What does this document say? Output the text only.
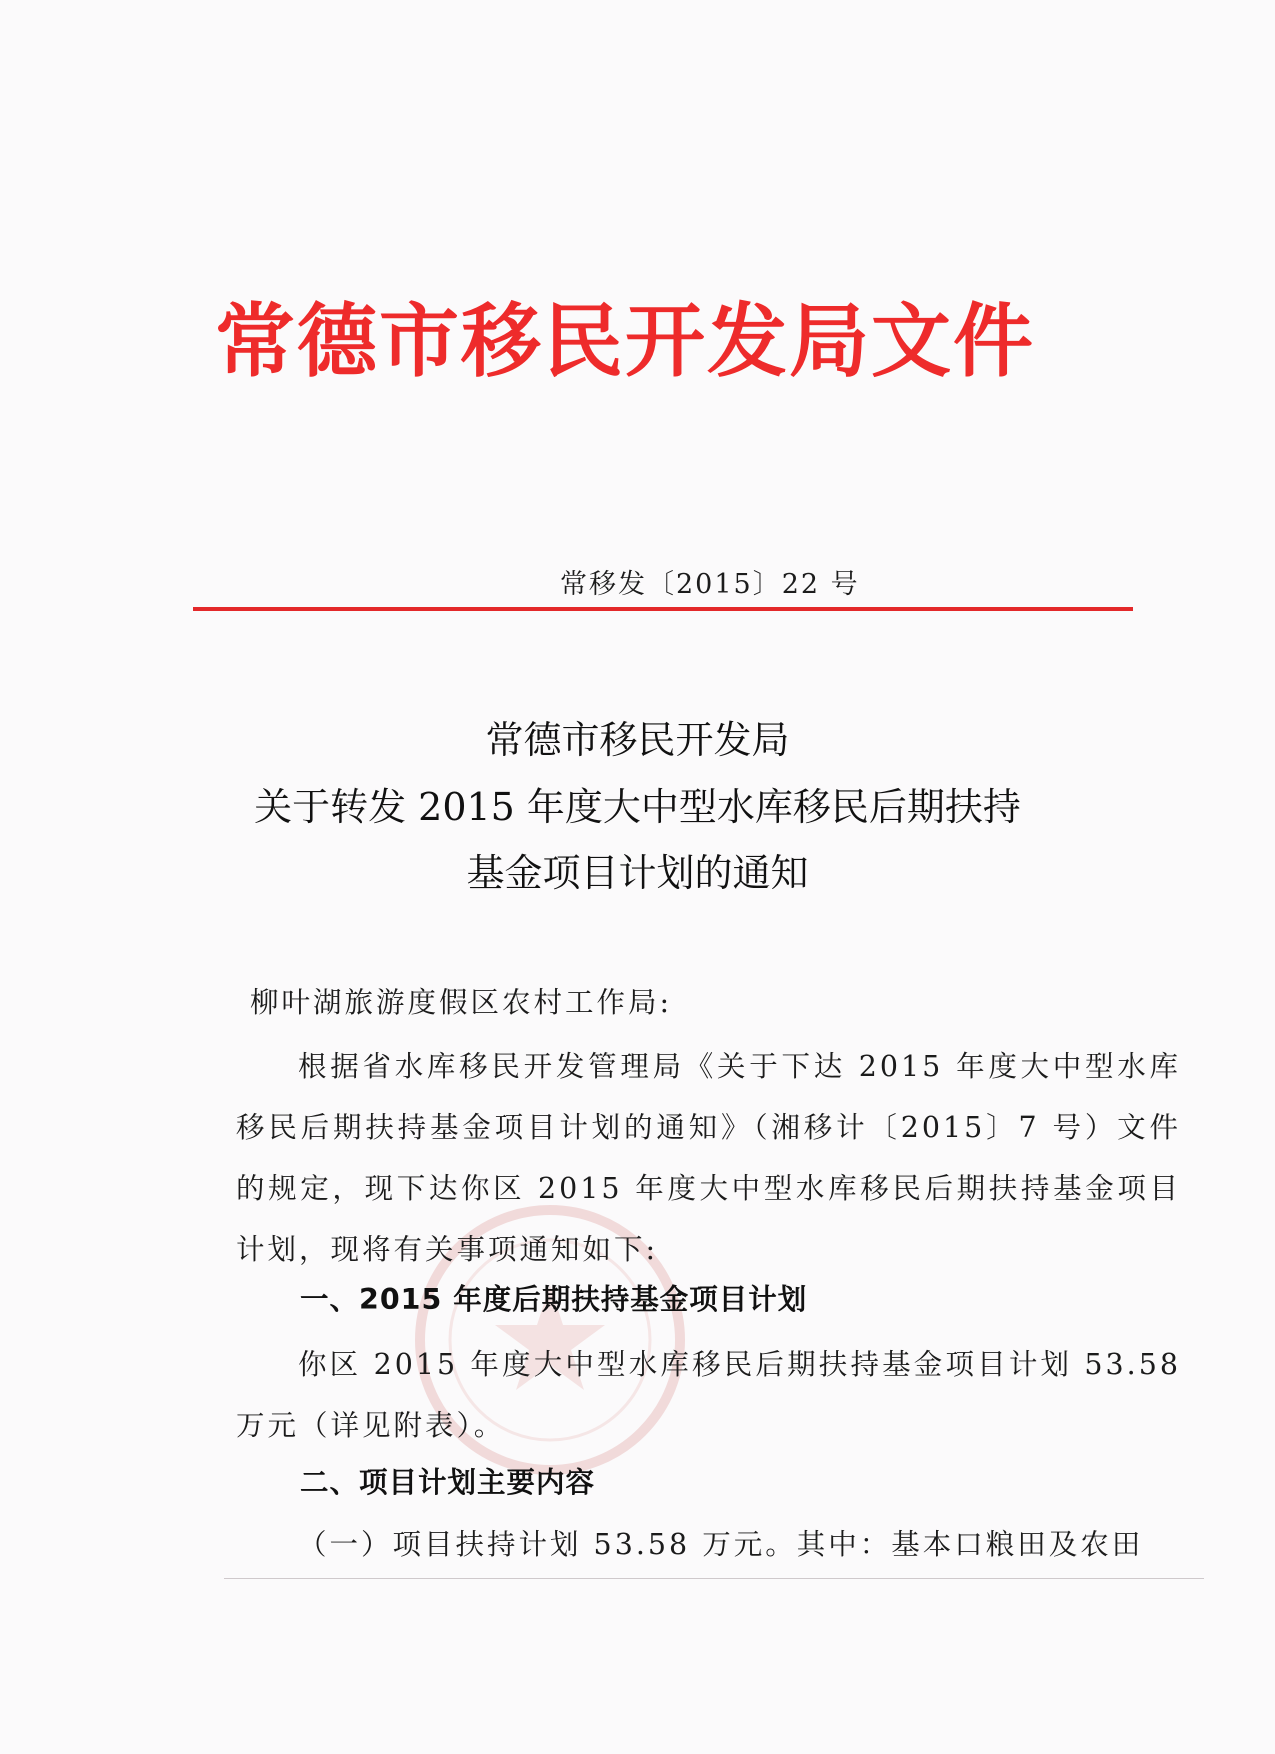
常德市移民开发局文件
常移发〔2015〕22 号
常德市移民开发局
关于转发 2015 年度大中型水库移民后期扶持
基金项目计划的通知
柳叶湖旅游度假区农村工作局:
根据省水库移民开发管理局《关于下达 2015 年度大中型水库移民后期扶持基金项目计划的通知》（湘移计〔2015〕7 号）文件的规定，现下达你区 2015 年度大中型水库移民后期扶持基金项目计划，现将有关事项通知如下:
一、2015 年度后期扶持基金项目计划
你区 2015 年度大中型水库移民后期扶持基金项目计划 53.58 万元（详见附表）。
二、项目计划主要内容
（一）项目扶持计划 53.58 万元。其中：基本口粮田及农田
